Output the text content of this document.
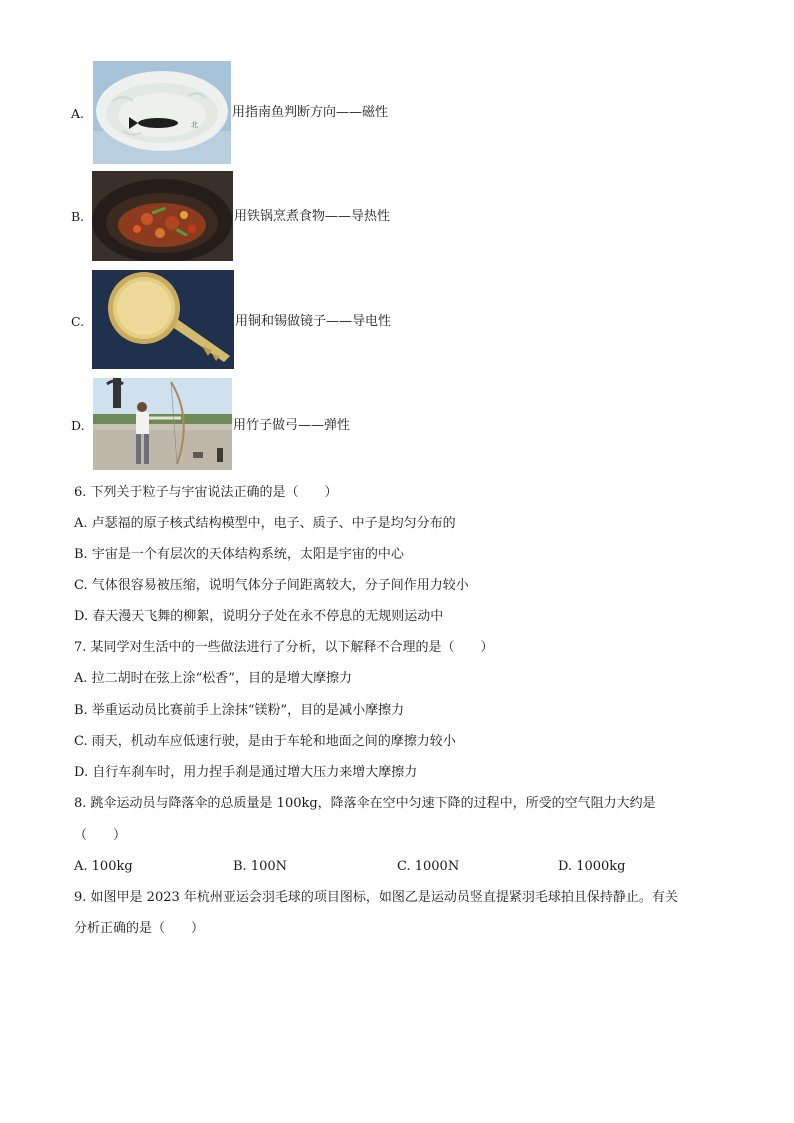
A.
北
用指南鱼判断方向——磁性
B.	用铁锅烹煮食物——导热性
C.	用铜和锡做镜子——导电性
D.	用竹子做弓——弹性
6. 下列关于粒子与宇宙说法正确的是（　　）
A. 卢瑟福的原子核式结构模型中，电子、质子、中子是均匀分布的
B. 宇宙是一个有层次的天体结构系统，太阳是宇宙的中心
C. 气体很容易被压缩，说明气体分子间距离较大，分子间作用力较小
D. 春天漫天飞舞的柳絮，说明分子处在永不停息的无规则运动中
7. 某同学对生活中的一些做法进行了分析，以下解释不合理的是（　　）
A. 拉二胡时在弦上涂“松香”，目的是增大摩擦力
B. 举重运动员比赛前手上涂抹“镁粉”，目的是减小摩擦力
C. 雨天，机动车应低速行驶，是由于车轮和地面之间的摩擦力较小
D. 自行车刹车时，用力捏手刹是通过增大压力来增大摩擦力
8. 跳伞运动员与降落伞的总质量是 100kg，降落伞在空中匀速下降的过程中，所受的空气阻力大约是
（　　）
A. 100kg	B. 100N	C. 1000N	D. 1000kg
9. 如图甲是 2023 年杭州亚运会羽毛球的项目图标，如图乙是运动员竖直提紧羽毛球拍且保持静止。有关
分析正确的是（　　）
